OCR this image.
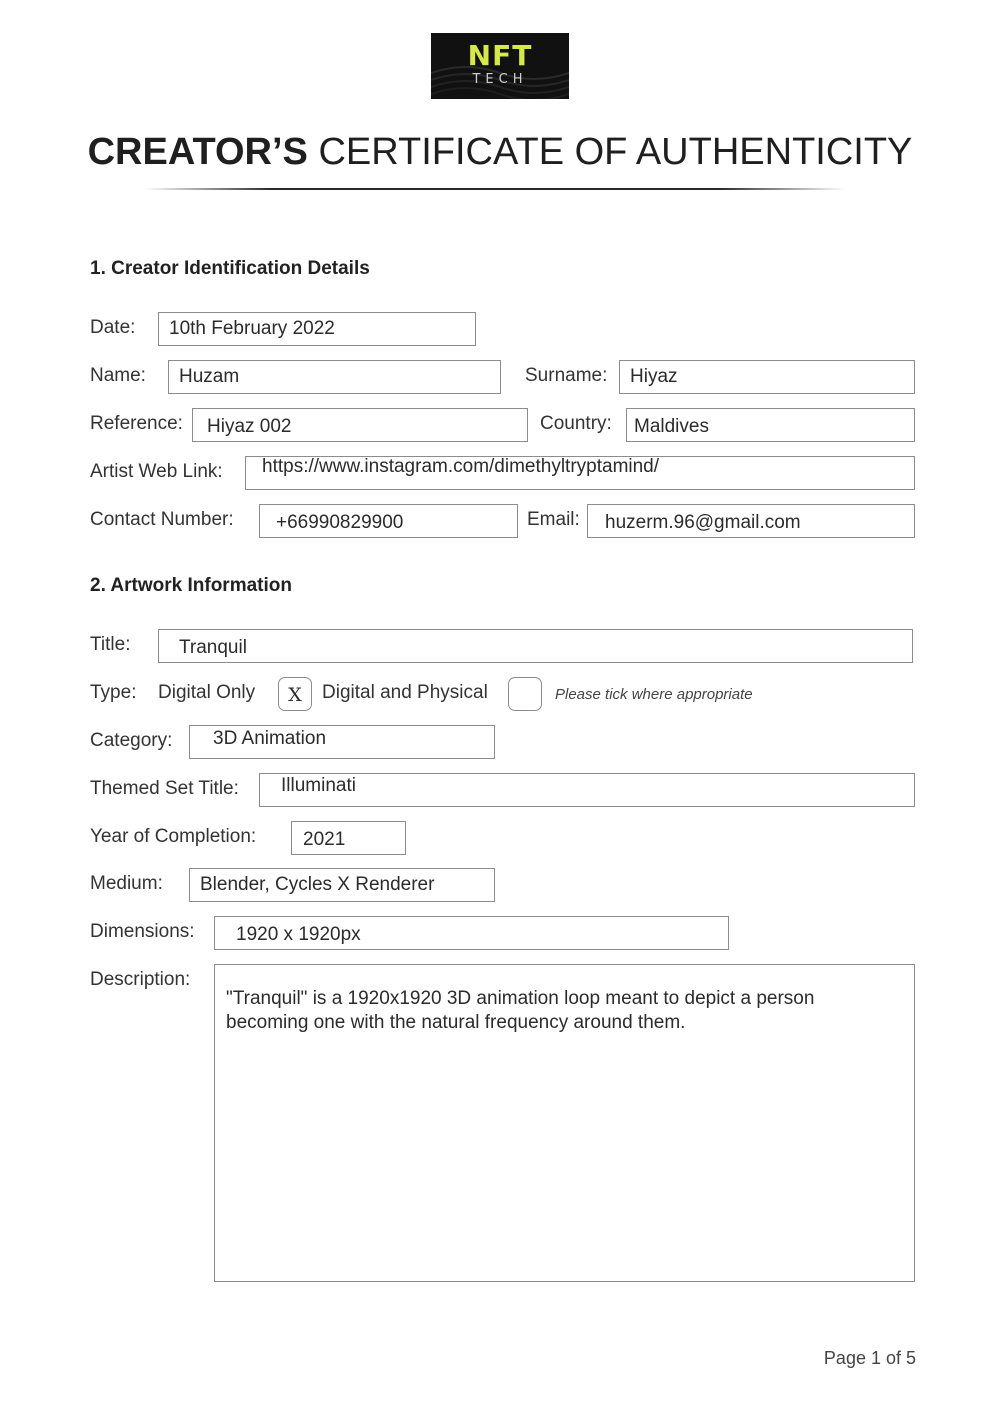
NFT
TECH
CREATOR’S CERTIFICATE OF AUTHENTICITY
1. Creator Identification Details
Date:	10th February 2022
Name:	Huzam	Surname:	Hiyaz
Reference:	Hiyaz 002	Country:	Maldives
Artist Web Link:	https://www.instagram.com/dimethyltryptamind/
Contact Number:	+66990829900	Email:	huzerm.96@gmail.com
2. Artwork Information
Title:	Tranquil
Type: Digital Only	X	Digital and Physical	Please tick where appropriate
Category:	3D Animation
Themed Set Title:	Illuminati
Year of Completion:	2021
Medium:	Blender, Cycles X Renderer
Dimensions:	1920 x 1920px
Description:
"Tranquil" is a 1920x1920 3D animation loop meant to depict a person becoming one with the natural frequency around them.
Page 1 of 5
